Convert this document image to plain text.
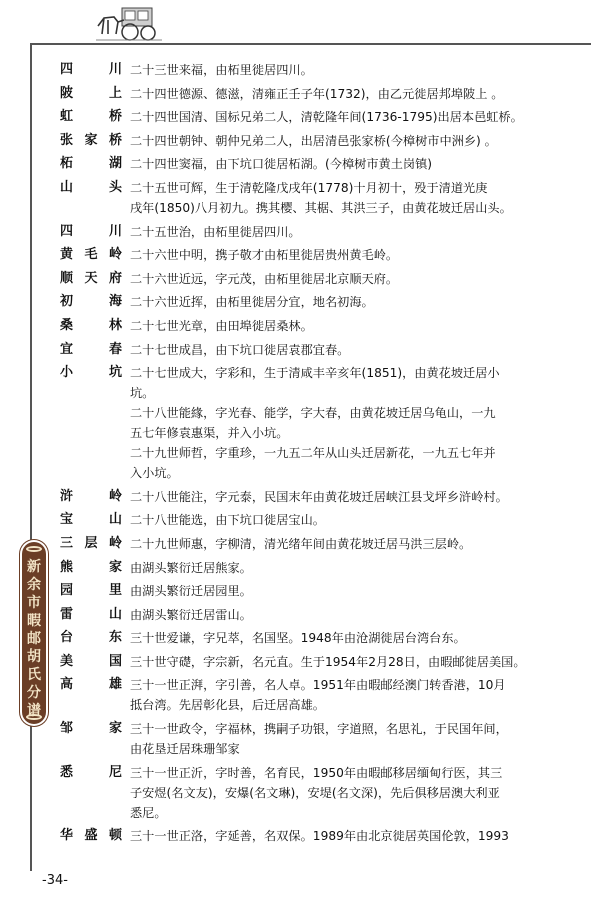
新
余
市
暇
邮
胡
氏
分
谱
四	川 二十三世来福，由柘里徙居四川。
陂	上 二十四世德源、德滋，清雍正壬子年(1732)，由乙元徙居邦埠陂上 。
虹	桥 二十四世国清、国标兄弟二人，清乾隆年间(1736-1795)出居本邑虹桥。
张 家 桥 二十四世朝钟、朝仲兄弟二人，出居清邑张家桥(今樟树市中洲乡) 。
柘	湖 二十四世窦福，由下坑口徙居柘湖。(今樟树市黄土岗镇)
山	头 二十五世可辉，生于清乾隆戊戌年(1778)十月初十，殁于清道光庚
戌年(1850)八月初九。携其樱、其椐、其洪三子，由黄花坡迁居山头。
四	川 二十五世治，由柘里徙居四川。
黄 毛 岭 二十六世中明，携子敬才由柘里徙居贵州黄毛岭。
顺 天 府 二十六世近远，字元茂，由柘里徙居北京顺天府。
初	海 二十六世近挥，由柘里徙居分宜，地名初海。
桑	林 二十七世光章，由田埠徙居桑林。
宜	春 二十七世成昌，由下坑口徙居袁郡宜春。
小	坑 二十七世成大，字彩和，生于清咸丰辛亥年(1851)，由黄花坡迁居小
坑。
二十八世能緣，字光春、能学，字大春，由黄花坡迁居乌龟山，一九
五七年修袁惠渠，并入小坑。
二十九世师哲，字重珍，一九五二年从山头迁居新花，一九五七年并
入小坑。
浒	岭 二十八世能注，字元泰，民国末年由黄花坡迁居峡江县戈坪乡浒岭村。
宝	山 二十八世能选，由下坑口徙居宝山。
三 层 岭 二十九世师惠，字柳清，清光绪年间由黄花坡迁居马洪三层岭。
熊	家 由湖头繁衍迁居熊家。
园	里 由湖头繁衍迁居园里。
雷	山 由湖头繁衍迁居雷山。
台	东 三十世爱谦，字兄萃，名国坚。1948年由沧湖徙居台湾台东。
美	国 三十世守礎，字宗新，名元直。生于1954年2月28日，由暇邮徙居美国。
高	雄 三十一世正湃，字引善，名人卓。1951年由暇邮经澳门转香港，10月
抵台湾。先居彰化县，后迁居高雄。
邹	家 三十一世政令，字福林，携嗣子功银，字道照，名思礼，于民国年间，
由花垦迁居珠珊邹家
悉	尼 三十一世正沂，字时善，名育民，1950年由暇邮移居缅甸行医，其三
子安煜(名文友)，安爆(名文琳)，安堤(名文深)，先后俱移居澳大利亚
悉尼。
华 盛 顿 三十一世正洛，字延善，名双保。1989年由北京徙居英国伦敦，1993
-34-
